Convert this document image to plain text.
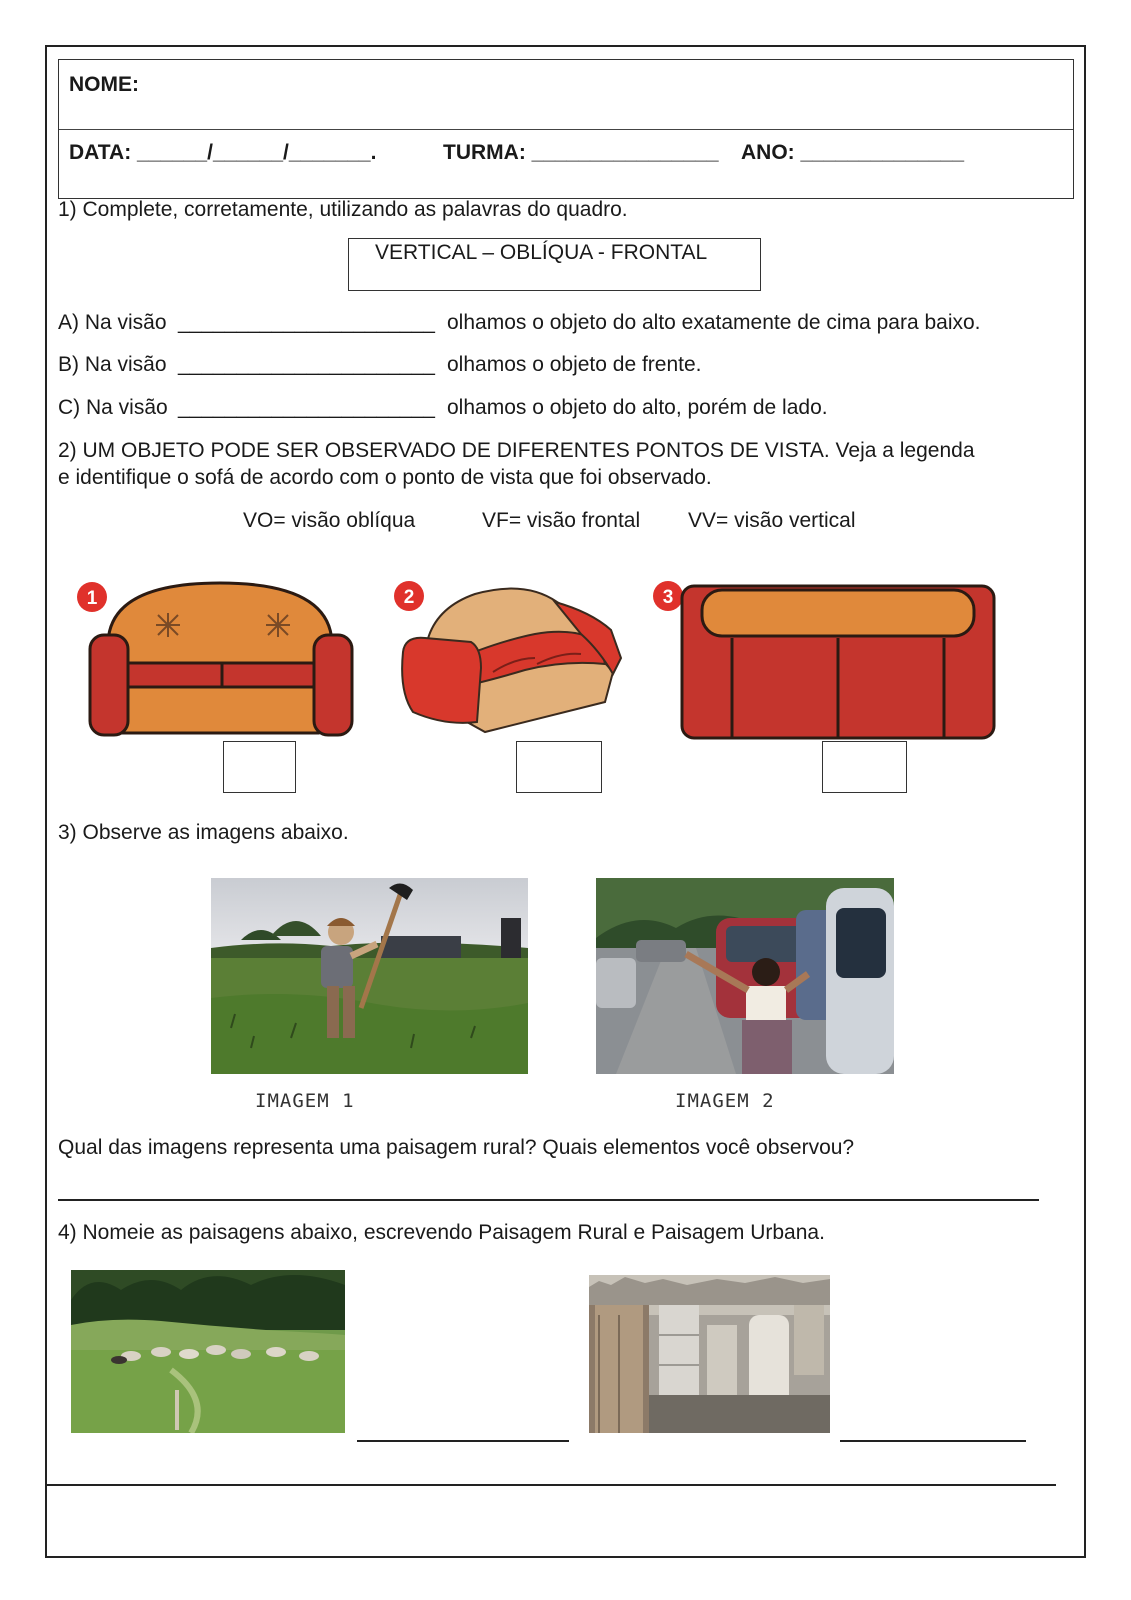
NOME:
DATA: ______/______/_______.	TURMA: ________________ ANO: ______________
1) Complete, corretamente, utilizando as palavras do quadro.
VERTICAL – OBLÍQUA - FRONTAL
A) Na visão ______________________ olhamos o objeto do alto exatamente de cima para baixo.
B) Na visão ______________________ olhamos o objeto de frente.
C) Na visão ______________________ olhamos o objeto do alto, porém de lado.
2) UM OBJETO PODE SER OBSERVADO DE DIFERENTES PONTOS DE VISTA. Veja a legenda
e identifique o sofá de acordo com o ponto de vista que foi observado.
VO= visão oblíqua	VF= visão frontal VV= visão vertical
1	2	3
3) Observe as imagens abaixo.
IMAGEM 1	IMAGEM 2
Qual das imagens representa uma paisagem rural? Quais elementos você observou?
4) Nomeie as paisagens abaixo, escrevendo Paisagem Rural e Paisagem Urbana.
